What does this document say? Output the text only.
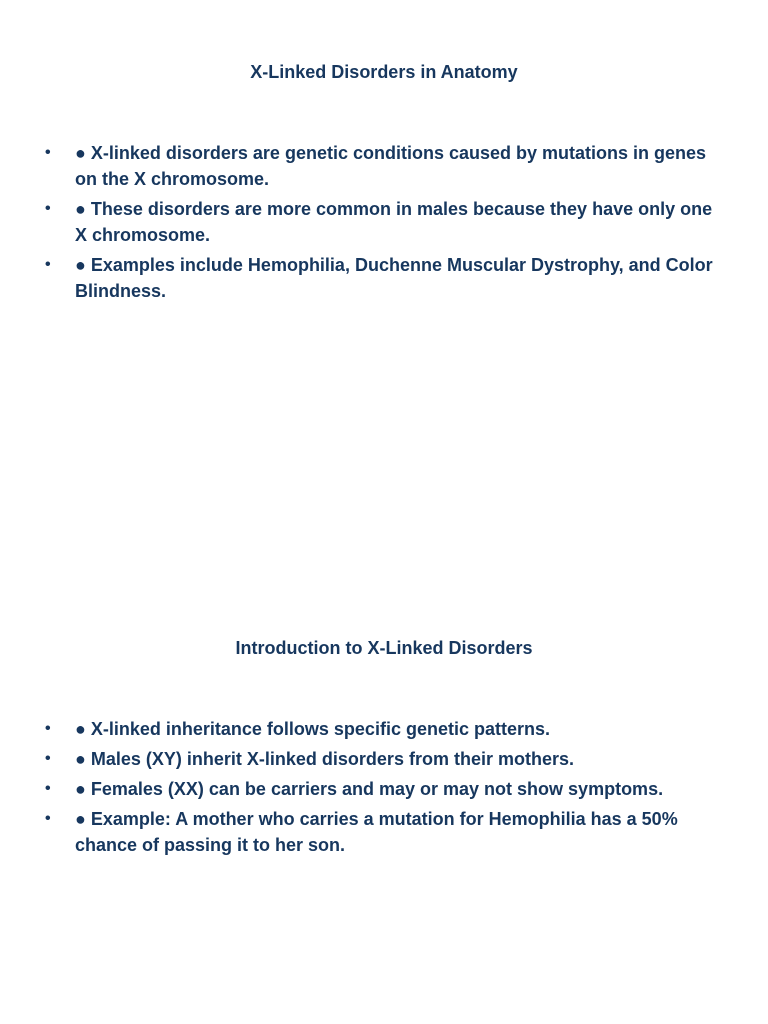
X-Linked Disorders in Anatomy
• ● X-linked disorders are genetic conditions caused by mutations in genes on the X chromosome.
• ● These disorders are more common in males because they have only one X chromosome.
• ● Examples include Hemophilia, Duchenne Muscular Dystrophy, and Color Blindness.
Introduction to X-Linked Disorders
• ● X-linked inheritance follows specific genetic patterns.
• ● Males (XY) inherit X-linked disorders from their mothers.
• ● Females (XX) can be carriers and may or may not show symptoms.
• ● Example: A mother who carries a mutation for Hemophilia has a 50% chance of passing it to her son.
